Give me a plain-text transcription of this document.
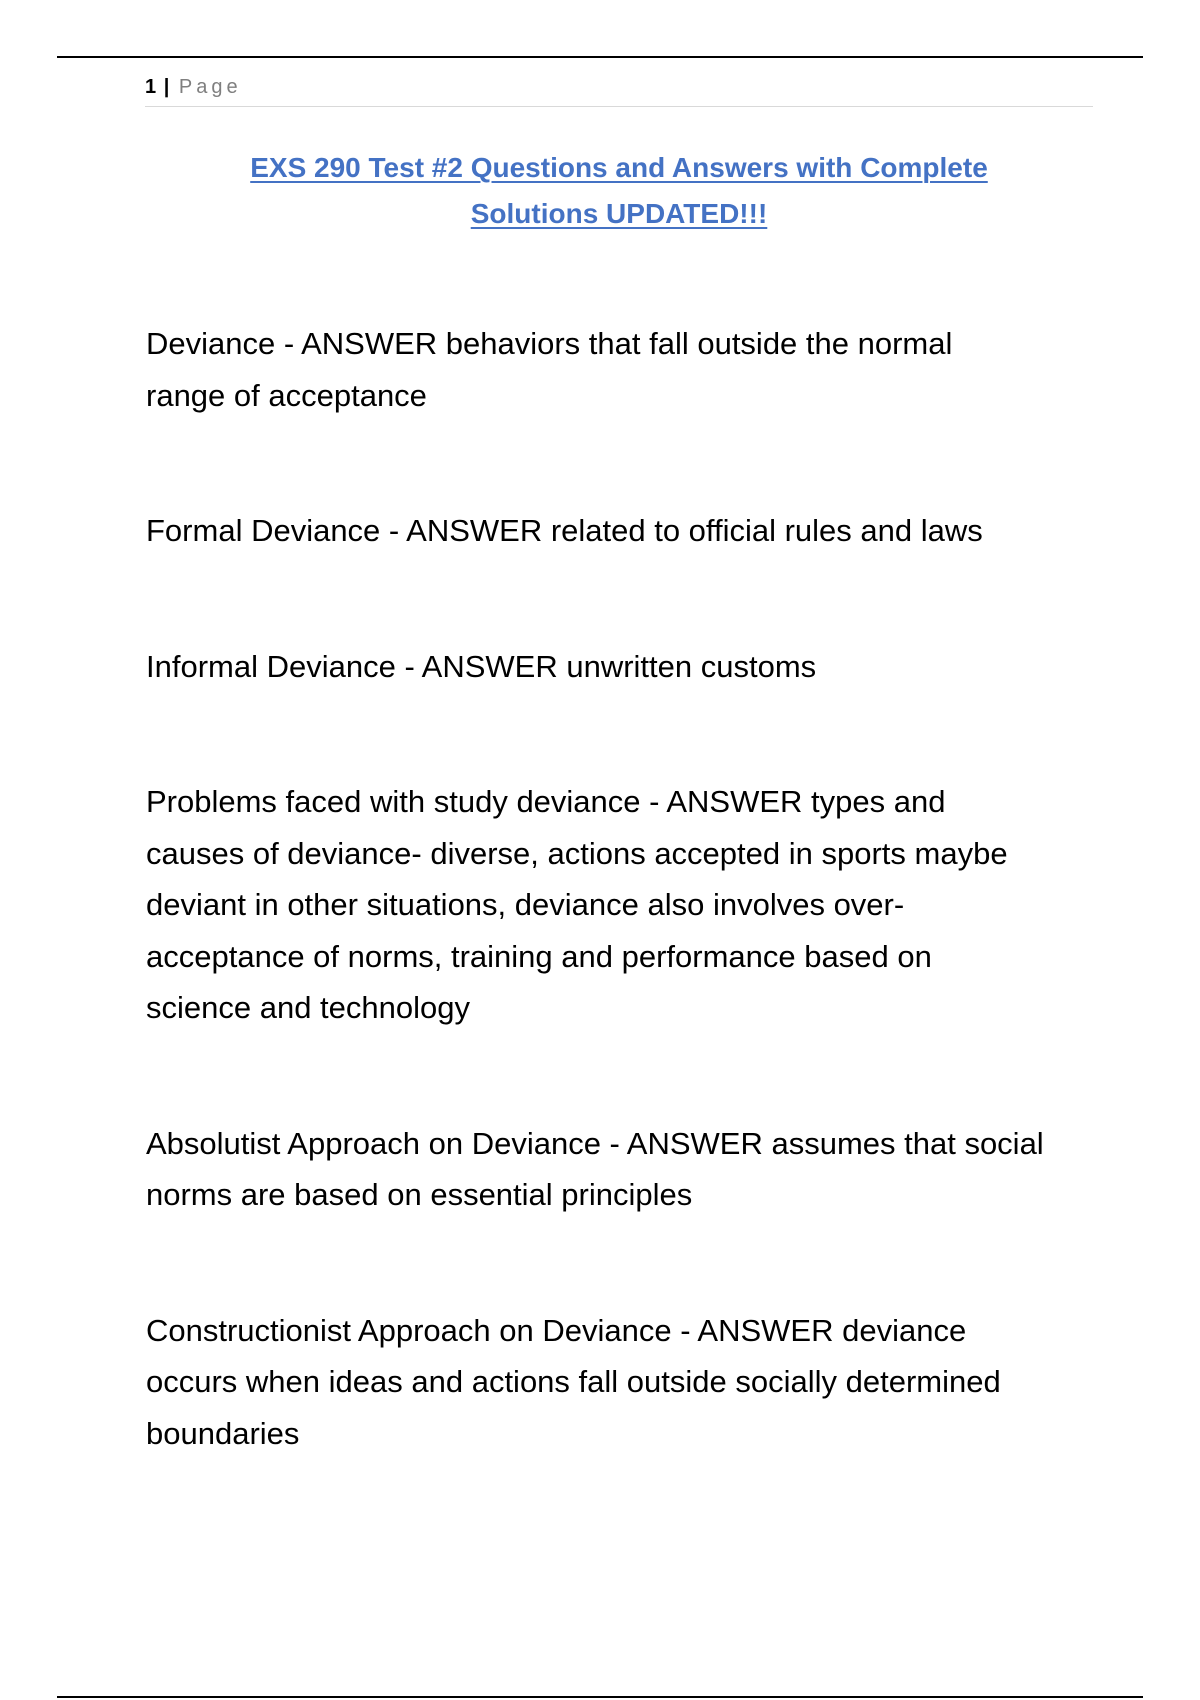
1 | Page
EXS 290 Test #2 Questions and Answers with Complete
Solutions UPDATED!!!

Deviance - ANSWER behaviors that fall outside the normal
range of acceptance

Formal Deviance - ANSWER related to official rules and laws

Informal Deviance - ANSWER unwritten customs

Problems faced with study deviance - ANSWER types and
causes of deviance- diverse, actions accepted in sports maybe
deviant in other situations, deviance also involves over-
acceptance of norms, training and performance based on
science and technology

Absolutist Approach on Deviance - ANSWER assumes that social
norms are based on essential principles

Constructionist Approach on Deviance - ANSWER deviance
occurs when ideas and actions fall outside socially determined
boundaries
